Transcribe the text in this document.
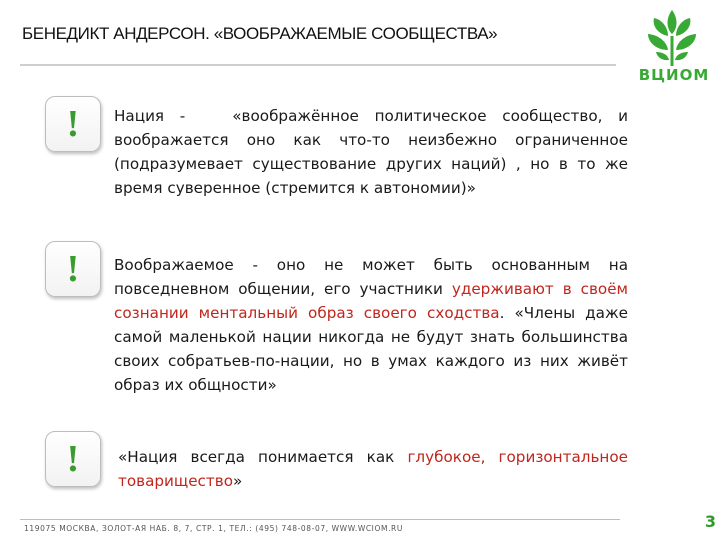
БЕНЕДИКТ АНДЕРСОН. «ВООБРАЖАЕМЫЕ СООБЩЕСТВА»
ВЦИОМ
! Нация -   «воображённое политическое сообщество, и воображается оно как что-то неизбежно ограниченное (подразумевает существование других наций) , но в то же время суверенное (стремится к автономии)»
! Воображаемое - оно не может быть основанным на повседневном общении, его участники удерживают в своём сознании ментальный образ своего сходства. «Члены даже самой маленькой нации никогда не будут знать большинства своих собратьев-по-нации, но в умах каждого из них живёт образ их общности»
!	«Нация всегда понимается как глубокое, горизонтальное товарищество»
119075 МОСКВА, ЗОЛОТ-АЯ НАБ. 8, 7, СТР. 1, ТЕЛ.: (495) 748-08-07, WWW.WCIOM.RU	3
